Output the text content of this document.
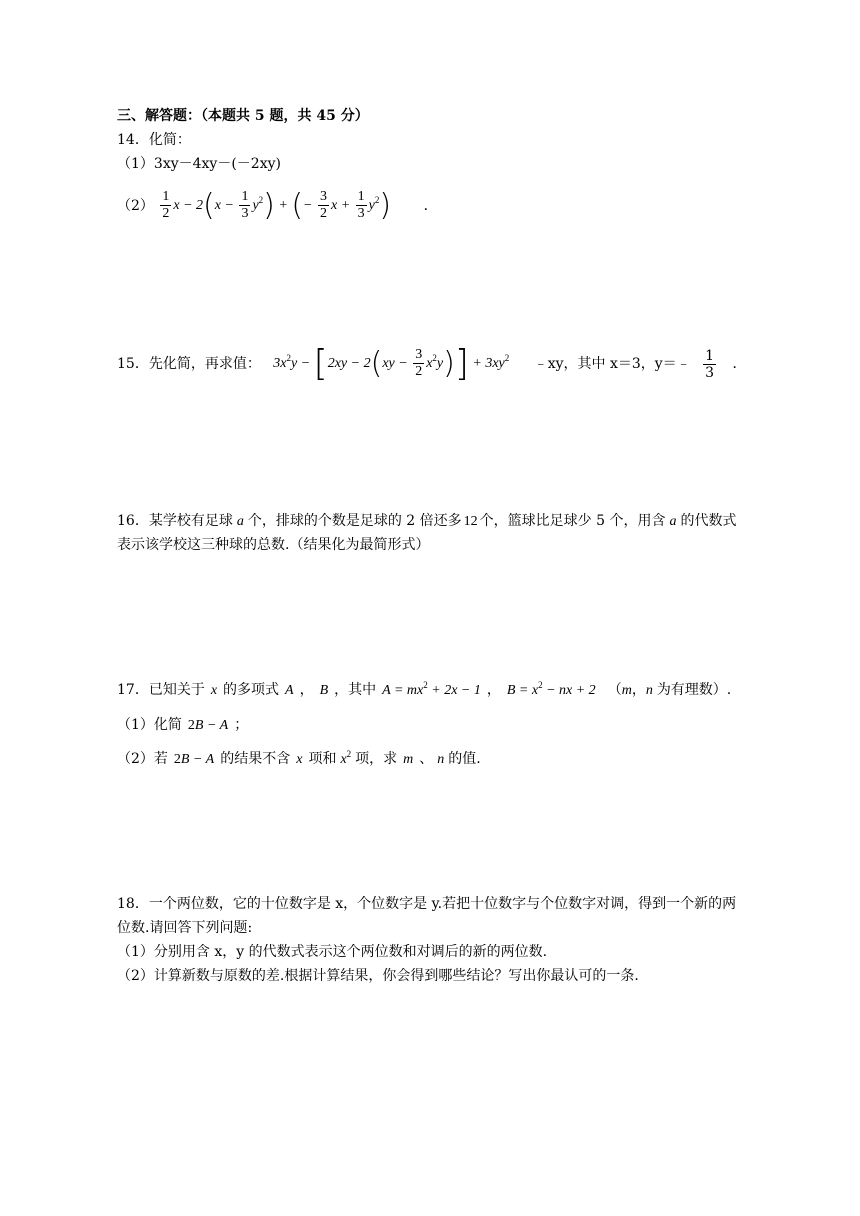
三、解答题：（本题共 5 题，共 45 分）
14．化简：
（1）3xy－4xy－(－2xy)
$(2) \frac{1}{2}$ $x - 2(x - \frac{1}{3} y^2)$ + (− $\frac{3}{2}$ $x + \frac{1}{3} y^2$) ．
15．先化简，再求值： $3x^2y - [2xy - 2(xy - \frac{3}{2} x^2y)] + 3xy^2$ ﹣xy，其中 x＝3，y＝﹣ $\frac{1}{3}$ ．
16．某学校有足球 a 个，排球的个数是足球的 2 倍还多 12 个，篮球比足球少 5 个，用含 a 的代数式
表示该学校这三种球的总数.（结果化为最简形式）
17．已知关于 x 的多项式 A ， B ，其中 $A = mx^2 + 2x - 1$ ， $B = x^2$ − nx + 2 （m，n 为有理数）.
（1）化简 2B − A ；
（2）若 2B − A 的结果不含 x 项和 $x^2$ 项，求 m 、 n 的值.
18．一个两位数，它的十位数字是 x，个位数字是 y.若把十位数字与个位数字对调，得到一个新的两
位数.请回答下列问题:
（1）分别用含 x，y 的代数式表示这个两位数和对调后的新的两位数.
（2）计算新数与原数的差.根据计算结果，你会得到哪些结论？写出你最认可的一条.
